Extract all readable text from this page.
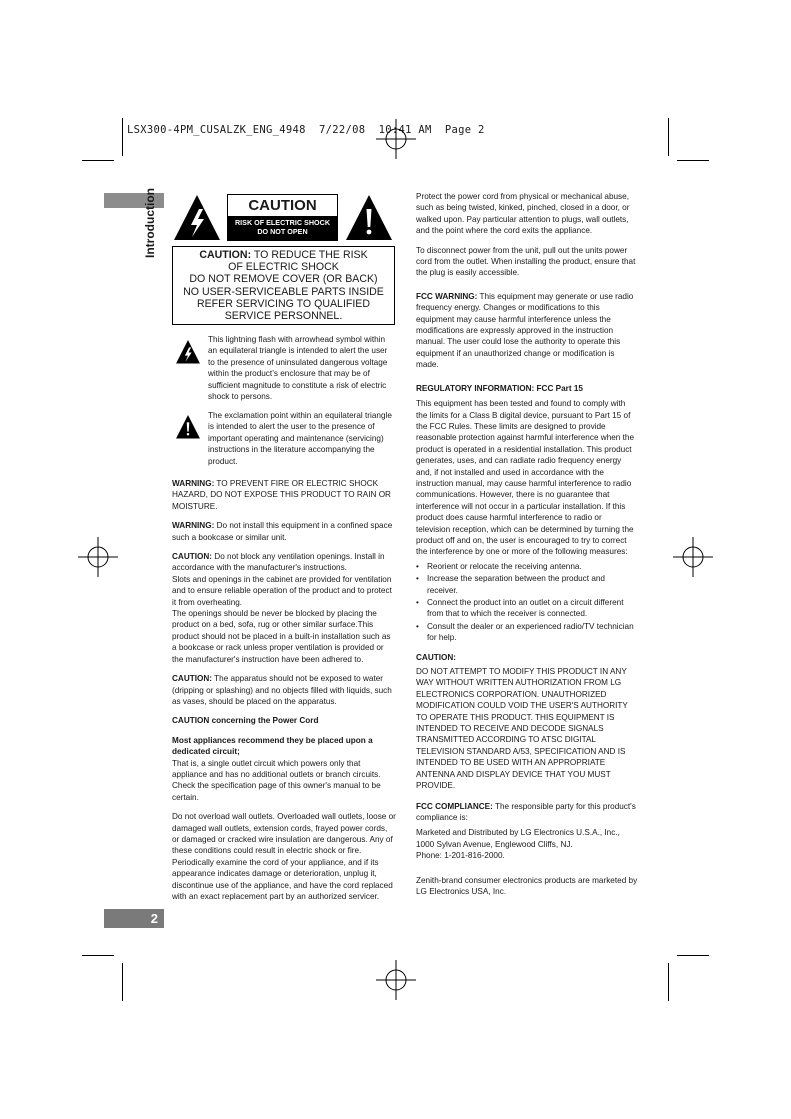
LSX300-4PM_CUSALZK_ENG_4948  7/22/08  10:41 AM  Page 2
Introduction
2
CAUTION
RISK OF ELECTRIC SHOCK
DO NOT OPEN
CAUTION: TO REDUCE THE RISK
OF ELECTRIC SHOCK
DO NOT REMOVE COVER (OR BACK)
NO USER-SERVICEABLE PARTS INSIDE
REFER SERVICING TO QUALIFIED
SERVICE PERSONNEL.
This lightning flash with arrowhead symbol within an equilateral triangle is intended to alert the user to the presence of uninsulated dangerous voltage within the product’s enclosure that may be of sufficient magnitude to constitute a risk of electric shock to persons.
The exclamation point within an equilateral triangle is intended to alert the user to the presence of important operating and maintenance (servicing) instructions in the literature accompanying the product.

WARNING: TO PREVENT FIRE OR ELECTRIC SHOCK HAZARD, DO NOT EXPOSE THIS PRODUCT TO RAIN OR MOISTURE.

WARNING: Do not install this equipment in a confined space such a bookcase or similar unit.

CAUTION: Do not block any ventilation openings. Install in accordance with the manufacturer's instructions.

Slots and openings in the cabinet are provided for ventilation and to ensure reliable operation of the product and to protect it from overheating.

The openings should be never be blocked by placing the product on a bed, sofa, rug or other similar surface.This product should not be placed in a built-in installation such as a bookcase or rack unless proper ventilation is provided or the manufacturer's instruction have been adhered to.

CAUTION: The apparatus should not be exposed to water (dripping or splashing) and no objects filled with liquids, such as vases, should be placed on the apparatus.

CAUTION concerning the Power Cord

Most appliances recommend they be placed upon a dedicated circuit;

That is, a single outlet circuit which powers only that appliance and has no additional outlets or branch circuits. Check the specification page of this owner's manual to be certain.

Do not overload wall outlets. Overloaded wall outlets, loose or damaged wall outlets, extension cords, frayed power cords, or damaged or cracked wire insulation are dangerous. Any of these conditions could result in electric shock or fire. Periodically examine the cord of your appliance, and if its appearance indicates damage or deterioration, unplug it, discontinue use of the appliance, and have the cord replaced with an exact replacement part by an authorized servicer.

Protect the power cord from physical or mechanical abuse, such as being twisted, kinked, pinched, closed in a door, or walked upon. Pay particular attention to plugs, wall outlets, and the point where the cord exits the appliance.

To disconnect power from the unit, pull out the units power cord from the outlet. When installing the product, ensure that the plug is easily accessible.

FCC WARNING: This equipment may generate or use radio frequency energy. Changes or modifications to this equipment may cause harmful interference unless the modifications are expressly approved in the instruction manual. The user could lose the authority to operate this equipment if an unauthorized change or modification is made.

REGULATORY INFORMATION: FCC Part 15

This equipment has been tested and found to comply with the limits for a Class B digital device, pursuant to Part 15 of the FCC Rules. These limits are designed to provide reasonable protection against harmful interference when the product is operated in a residential installation. This product generates, uses, and can radiate radio frequency energy and, if not installed and used in accordance with the instruction manual, may cause harmful interference to radio communications. However, there is no guarantee that interference will not occur in a particular installation. If this product does cause harmful interference to radio or television reception, which can be determined by turning the product off and on, the user is encouraged to try to correct the interference by one or more of the following measures:

• Reorient or relocate the receiving antenna.
• Increase the separation between the product and receiver.
• Connect the product into an outlet on a circuit different from that to which the receiver is connected.
• Consult the dealer or an experienced radio/TV technician for help.

CAUTION:

DO NOT ATTEMPT TO MODIFY THIS PRODUCT IN ANY WAY WITHOUT WRITTEN AUTHORIZATION FROM LG ELECTRONICS CORPORATION. UNAUTHORIZED MODIFICATION COULD VOID THE USER'S AUTHORITY TO OPERATE THIS PRODUCT. THIS EQUIPMENT IS INTENDED TO RECEIVE AND DECODE SIGNALS TRANSMITTED ACCORDING TO ATSC DIGITAL TELEVISION STANDARD A/53, SPECIFICATION AND IS INTENDED TO BE USED WITH AN APPROPRIATE ANTENNA AND DISPLAY DEVICE THAT YOU MUST PROVIDE.

FCC COMPLIANCE: The responsible party for this product's compliance is:

Marketed and Distributed by LG Electronics U.S.A., Inc.,
1000 Sylvan Avenue, Englewood Cliffs, NJ.

Phone: 1-201-816-2000.

Zenith-brand consumer electronics products are marketed by LG Electronics USA, Inc.
